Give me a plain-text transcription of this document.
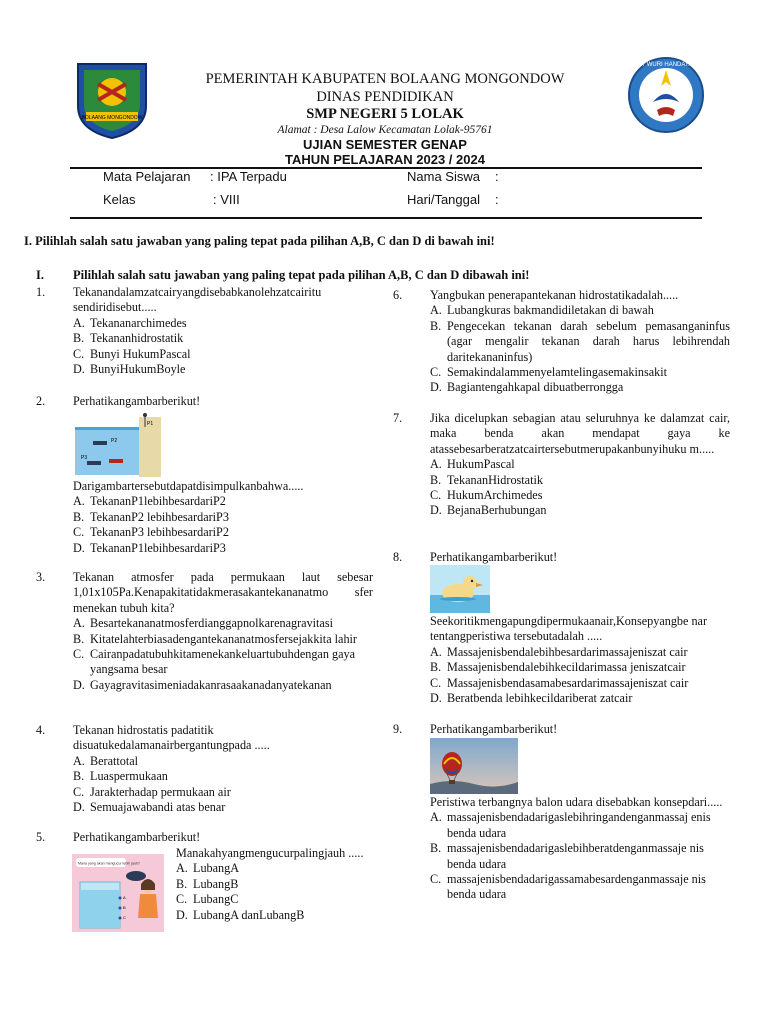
BOLAANG MONGONDOW
TUT WURI HANDAYANI
PEMERINTAH KABUPATEN BOLAANG MONGONDOW
DINAS PENDIDIKAN
SMP NEGERI 5 LOLAK
Alamat : Desa Lalow Kecamatan Lolak-95761
UJIAN SEMESTER GENAP
TAHUN PELAJARAN 2023 / 2024
Mata Pelajaran : IPA Terpadu	Nama Siswa :
Kelas	: VIII	Hari/Tanggal :
I. Pilihlah salah satu jawaban yang paling tepat pada pilihan A,B, C dan D di bawah ini!
I. Pilihlah salah satu jawaban yang paling tepat pada pilihan A,B, C dan D dibawah ini!
1. Tekanandalamzatcairyangdisebabkanolehzatcairitu sendiridisebut.....
A. Tekananarchimedes
B. Tekananhidrostatik
C. Bunyi HukumPascal
D. BunyiHukumBoyle
2. Perhatikangambarberikut!
P1
P2
P3
Darigambartersebutdapatdisimpulkanbahwa.....
A. TekananP1lebihbesardariP2
B. TekananP2 lebihbesardariP3
C. TekananP3 lebihbesardariP2
D. TekananP1lebihbesardariP3
3. Tekanan atmosfer pada permukaan laut sebesar 1,01x105Pa.Kenapakitatidakmerasakantekananatmo sfer menekan tubuh kita?
A. Besartekananatmosferdianggapnolkarenagravitasi
B. Kitatelahterbiasadengantekananatmosfersejakkita lahir
C. Cairanpadatubuhkitamenekankeluartubuhdengan gaya yangsama besar
D. Gayagravitasimeniadakanrasaakanadanyatekanan
4. Tekanan hidrostatis padatitik disuatukedalamanairbergantungpada .....
A. Berattotal
B. Luaspermukaan
C. Jarakterhadap permukaan air
D. Semuajawabandi atas benar
5. Perhatikangambarberikut!
Mana yang akan mengucur lebih jauh?
A
B
C
Manakahyangmengucurpalingjauh .....
A. LubangA
B. LubangB
C. LubangC
D. LubangA danLubangB
6. Yangbukan penerapantekanan hidrostatikadalah.....
A. Lubangkuras bakmandidiletakan di bawah
B. Pengecekan tekanan darah sebelum pemasanganinfus (agar mengalir tekanan darah harus lebihrendah daritekananinfus)
C. Semakindalammenyelamtelingasemakinsakit
D. Bagiantengahkapal dibuatberrongga
7. Jika dicelupkan sebagian atau seluruhnya ke dalamzat cair, maka benda akan mendapat gaya ke atassebesarberatzatcairtersebutmerupakanbunyihuku m.....
A. HukumPascal
B. TekananHidrostatik
C. HukumArchimedes
D. BejanaBerhubungan
8. Perhatikangambarberikut!
Seekoritikmengapungdipermukaanair,Konsepyangbe nar tentangperistiwa tersebutadalah .....
A. Massajenisbendalebihbesardarimassajeniszat cair
B. Massajenisbendalebihkecildarimassa jeniszatcair
C. Massajenisbendasamabesardarimassajeniszat cair
D. Beratbenda lebihkecildariberat zatcair
9. Perhatikangambarberikut!
Peristiwa terbangnya balon udara disebabkan konsepdari.....
A. massajenisbendadarigaslebihringandenganmassaj enis benda udara
B. massajenisbendadarigaslebihberatdenganmassaje nis benda udara
C. massajenisbendadarigassamabesardenganmassaje nis benda udara
